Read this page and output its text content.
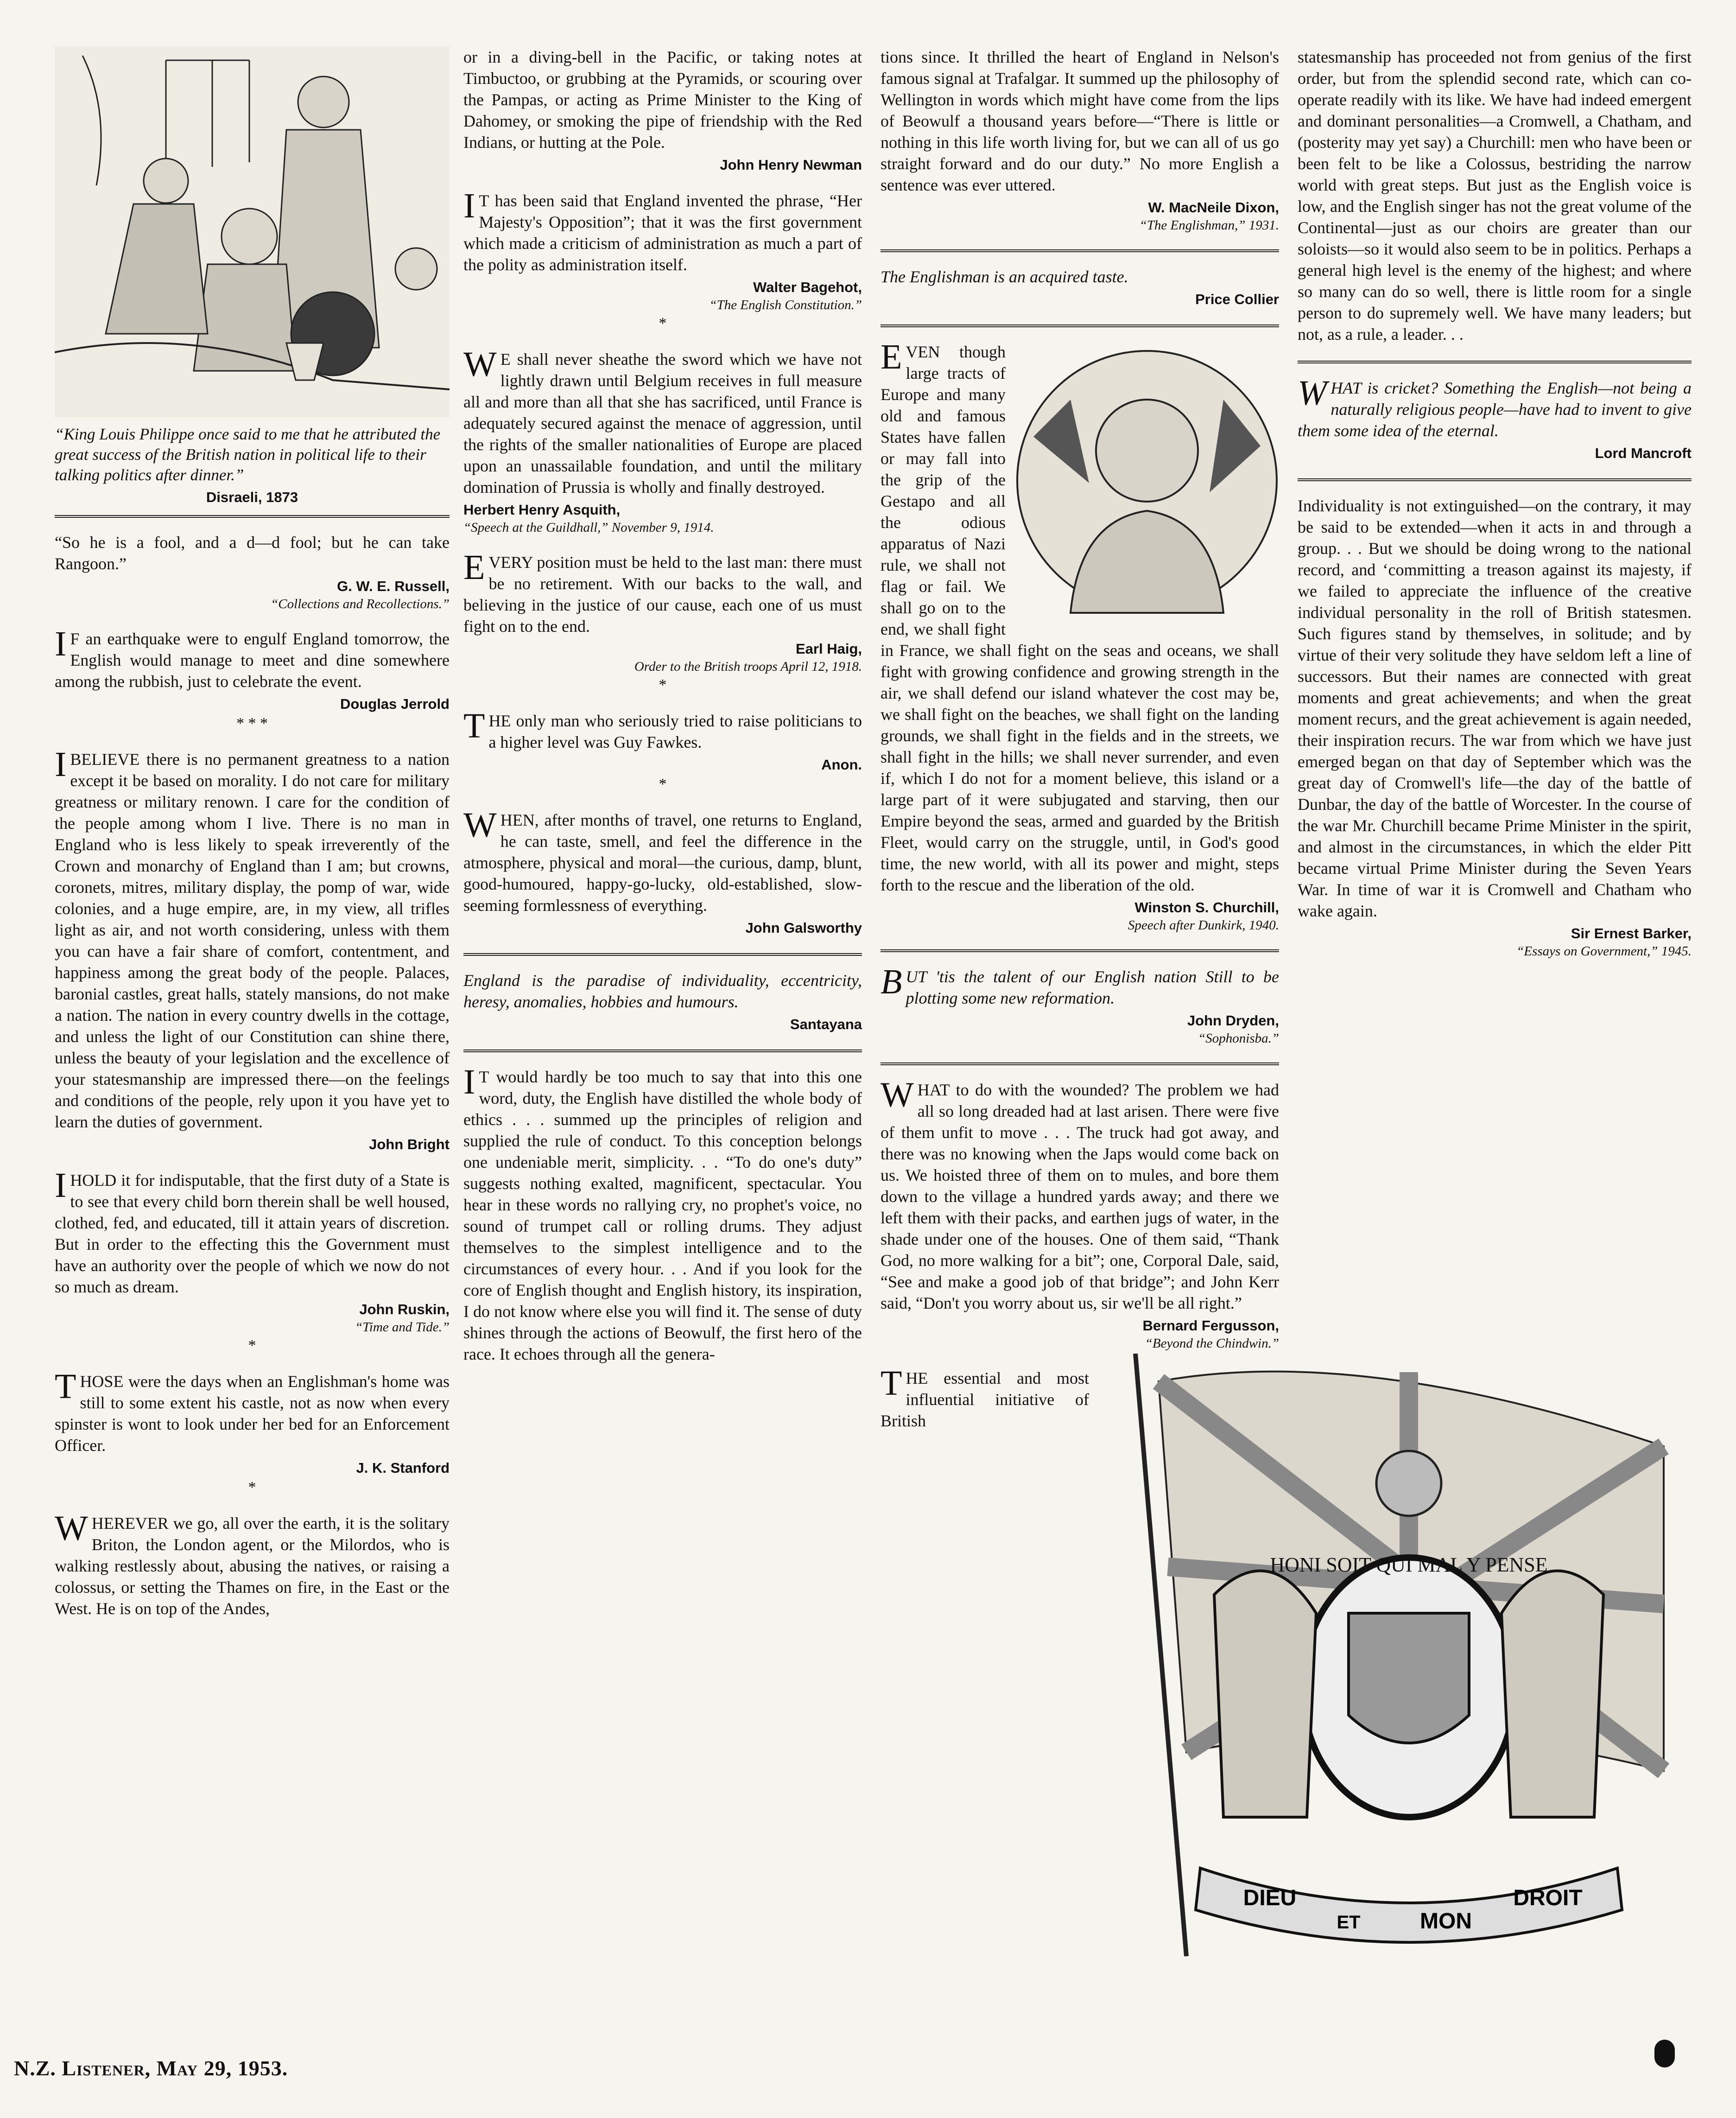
“King Louis Philippe once said to me that he attributed the great success of the British nation in political life to their talking politics after dinner.”
Disraeli, 1873

“So he is a fool, and a d—d fool; but he can take Rangoon.”

G. W. E. Russell,
“Collections and Recollections.”

IF an earthquake were to engulf England tomorrow, the English would manage to meet and dine somewhere among the rubbish, just to celebrate the event.

Douglas Jerrold
* * *

IBELIEVE there is no permanent greatness to a nation except it be based on morality. I do not care for military greatness or military renown. I care for the condition of the people among whom I live. There is no man in England who is less likely to speak irreverently of the Crown and monarchy of England than I am; but crowns, coronets, mitres, military display, the pomp of war, wide colonies, and a huge empire, are, in my view, all trifles light as air, and not worth considering, unless with them you can have a fair share of comfort, contentment, and happiness among the great body of the people. Palaces, baronial castles, great halls, stately mansions, do not make a nation. The nation in every country dwells in the cottage, and unless the light of our Constitution can shine there, unless the beauty of your legislation and the excellence of your statesmanship are impressed there—on the feelings and conditions of the people, rely upon it you have yet to learn the duties of government.

John Bright

IHOLD it for indisputable, that the first duty of a State is to see that every child born therein shall be well housed, clothed, fed, and educated, till it attain years of discretion. But in order to the effecting this the Government must have an authority over the people of which we now do not so much as dream.

John Ruskin,
“Time and Tide.”
*

THOSE were the days when an Englishman's home was still to some extent his castle, not as now when every spinster is wont to look under her bed for an Enforcement Officer.

J. K. Stanford
*

WHEREVER we go, all over the earth, it is the solitary Briton, the London agent, or the Milordos, who is walking restlessly about, abusing the natives, or raising a colossus, or setting the Thames on fire, in the East or the West. He is on top of the Andes,

or in a diving-bell in the Pacific, or taking notes at Timbuctoo, or grubbing at the Pyramids, or scouring over the Pampas, or acting as Prime Minister to the King of Dahomey, or smoking the pipe of friendship with the Red Indians, or hutting at the Pole.

John Henry Newman

IT has been said that England invented the phrase, “Her Majesty's Opposition”; that it was the first government which made a criticism of administration as much a part of the polity as administration itself.

Walter Bagehot,
“The English Constitution.”
*

WE shall never sheathe the sword which we have not lightly drawn until Belgium receives in full measure all and more than all that she has sacrificed, until France is adequately secured against the menace of aggression, until the rights of the smaller nationalities of Europe are placed upon an unassailable foundation, and until the military domination of Prussia is wholly and finally destroyed.

Herbert Henry Asquith,
“Speech at the Guildhall,” November 9, 1914.

EVERY position must be held to the last man: there must be no retirement. With our backs to the wall, and believing in the justice of our cause, each one of us must fight on to the end.

Earl Haig,
Order to the British troops April 12, 1918.
*

THE only man who seriously tried to raise politicians to a higher level was Guy Fawkes.

Anon.
*

WHEN, after months of travel, one returns to England, he can taste, smell, and feel the difference in the atmosphere, physical and moral—the curious, damp, blunt, good-humoured, happy-go-lucky, old-established, slow-seeming formlessness of everything.

John Galsworthy

England is the paradise of individuality, eccentricity, heresy, anomalies, hobbies and humours.

Santayana

IT would hardly be too much to say that into this one word, duty, the English have distilled the whole body of ethics . . . summed up the principles of religion and supplied the rule of conduct. To this conception belongs one undeniable merit, simplicity. . . “To do one's duty” suggests nothing exalted, magnificent, spectacular. You hear in these words no rallying cry, no prophet's voice, no sound of trumpet call or rolling drums. They adjust themselves to the simplest intelligence and to the circumstances of every hour. . . And if you look for the core of English thought and English history, its inspiration, I do not know where else you will find it. The sense of duty shines through the actions of Beowulf, the first hero of the race. It echoes through all the genera-

tions since. It thrilled the heart of England in Nelson's famous signal at Trafalgar. It summed up the philosophy of Wellington in words which might have come from the lips of Beowulf a thousand years before—“There is little or nothing in this life worth living for, but we can all of us go straight forward and do our duty.” No more English a sentence was ever uttered.

W. MacNeile Dixon,
“The Englishman,” 1931.

The Englishman is an acquired taste.

Price Collier

EVEN though large tracts of Europe and many old and famous States have fallen or may fall into the grip of the Gestapo and all the odious apparatus of Nazi rule, we shall not flag or fail. We shall go on to the end, we shall fight in France, we shall fight on the seas and oceans, we shall fight with growing confidence and growing strength in the air, we shall defend our island whatever the cost may be, we shall fight on the beaches, we shall fight on the landing grounds, we shall fight in the fields and in the streets, we shall fight in the hills; we shall never surrender, and even if, which I do not for a moment believe, this island or a large part of it were subjugated and starving, then our Empire beyond the seas, armed and guarded by the British Fleet, would carry on the struggle, until, in God's good time, the new world, with all its power and might, steps forth to the rescue and the liberation of the old.

Winston S. Churchill,
Speech after Dunkirk, 1940.

BUT 'tis the talent of our English nation Still to be plotting some new reformation.

John Dryden,
“Sophonisba.”

WHAT to do with the wounded? The problem we had all so long dreaded had at last arisen. There were five of them unfit to move . . . The truck had got away, and there was no knowing when the Japs would come back on us. We hoisted three of them on to mules, and bore them down to the village a hundred yards away; and there we left them with their packs, and earthen jugs of water, in the shade under one of the houses. One of them said, “Thank God, no more walking for a bit”; one, Corporal Dale, said, “See and make a good job of that bridge”; and John Kerr said, “Don't you worry about us, sir we'll be all right.”

Bernard Fergusson,
“Beyond the Chindwin.”

THE essential and most influential initiative of British

statesmanship has proceeded not from genius of the first order, but from the splendid second rate, which can co-operate readily with its like. We have had indeed emergent and dominant personalities—a Cromwell, a Chatham, and (posterity may yet say) a Churchill: men who have been or been felt to be like a Colossus, bestriding the narrow world with great steps. But just as the English voice is low, and the English singer has not the great volume of the Continental—just as our choirs are greater than our soloists—so it would also seem to be in politics. Perhaps a general high level is the enemy of the highest; and where so many can do so well, there is little room for a single person to do supremely well. We have many leaders; but not, as a rule, a leader. . .

WHAT is cricket? Something the English—not being a naturally religious people—have had to invent to give them some idea of the eternal.

Lord Mancroft

Individuality is not extinguished—on the contrary, it may be said to be extended—when it acts in and through a group. . . But we should be doing wrong to the national record, and ‘committing a treason against its majesty, if we failed to appreciate the influence of the creative individual personality in the roll of British statesmen. Such figures stand by themselves, in solitude; and by virtue of their very solitude they have seldom left a line of successors. But their names are connected with great moments and great achievements; and when the great moment recurs, and the great achievement is again needed, their inspiration recurs. The war from which we have just emerged began on that day of September which was the great day of Cromwell's life—the day of the battle of Dunbar, the day of the battle of Worcester. In the course of the war Mr. Churchill became Prime Minister in the spirit, and almost in the circumstances, in which the elder Pitt became virtual Prime Minister during the Seven Years War. In time of war it is Cromwell and Chatham who wake again.

Sir Ernest Barker,
“Essays on Government,” 1945.
HONI SOIT QUI MAL Y PENSE
DIEU
ET	MON
DROIT
N.Z. Listener, May 29, 1953.
